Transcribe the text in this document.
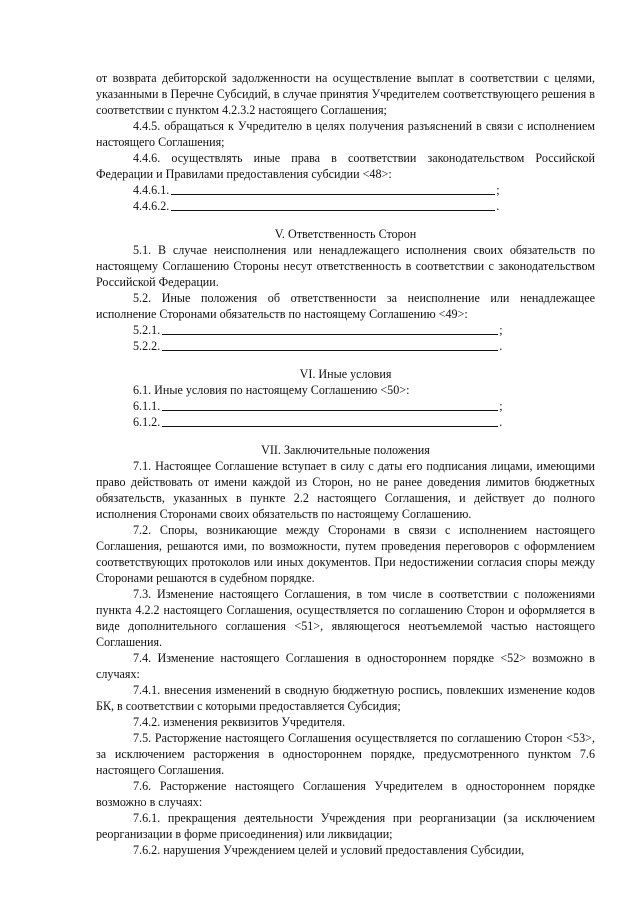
от возврата дебиторской задолженности на осуществление выплат в соответствии с целями, указанными в Перечне Субсидий, в случае принятия Учредителем соответствующего решения в соответствии с пунктом 4.2.3.2 настоящего Соглашения;

4.4.5. обращаться к Учредителю в целях получения разъяснений в связи с исполнением настоящего Соглашения;

4.4.6. осуществлять иные права в соответствии законодательством Российской Федерации и Правилами предоставления субсидии <48>:

4.4.6.1.	;
4.4.6.2.	.

V. Ответственность Сторон

5.1. В случае неисполнения или ненадлежащего исполнения своих обязательств по настоящему Соглашению Стороны несут ответственность в соответствии с законодательством Российской Федерации.

5.2. Иные положения об ответственности за неисполнение или ненадлежащее исполнение Сторонами обязательств по настоящему Соглашению <49>:

5.2.1.	;
5.2.2.	.

VI. Иные условия

6.1. Иные условия по настоящему Соглашению <50>:

6.1.1.	;
6.1.2.	.

VII. Заключительные положения

7.1. Настоящее Соглашение вступает в силу с даты его подписания лицами, имеющими право действовать от имени каждой из Сторон, но не ранее доведения лимитов бюджетных обязательств, указанных в пункте 2.2 настоящего Соглашения, и действует до полного исполнения Сторонами своих обязательств по настоящему Соглашению.

7.2. Споры, возникающие между Сторонами в связи с исполнением настоящего Соглашения, решаются ими, по возможности, путем проведения переговоров с оформлением соответствующих протоколов или иных документов. При недостижении согласия споры между Сторонами решаются в судебном порядке.

7.3. Изменение настоящего Соглашения, в том числе в соответствии с положениями пункта 4.2.2 настоящего Соглашения, осуществляется по соглашению Сторон и оформляется в виде дополнительного соглашения <51>, являющегося неотъемлемой частью настоящего Соглашения.

7.4. Изменение настоящего Соглашения в одностороннем порядке <52> возможно в случаях:

7.4.1. внесения изменений в сводную бюджетную роспись, повлекших изменение кодов БК, в соответствии с которыми предоставляется Субсидия;

7.4.2. изменения реквизитов Учредителя.

7.5. Расторжение настоящего Соглашения осуществляется по соглашению Сторон <53>, за исключением расторжения в одностороннем порядке, предусмотренного пунктом 7.6 настоящего Соглашения.

7.6. Расторжение настоящего Соглашения Учредителем в одностороннем порядке возможно в случаях:

7.6.1. прекращения деятельности Учреждения при реорганизации (за исключением реорганизации в форме присоединения) или ликвидации;

7.6.2. нарушения Учреждением целей и условий предоставления Субсидии,
